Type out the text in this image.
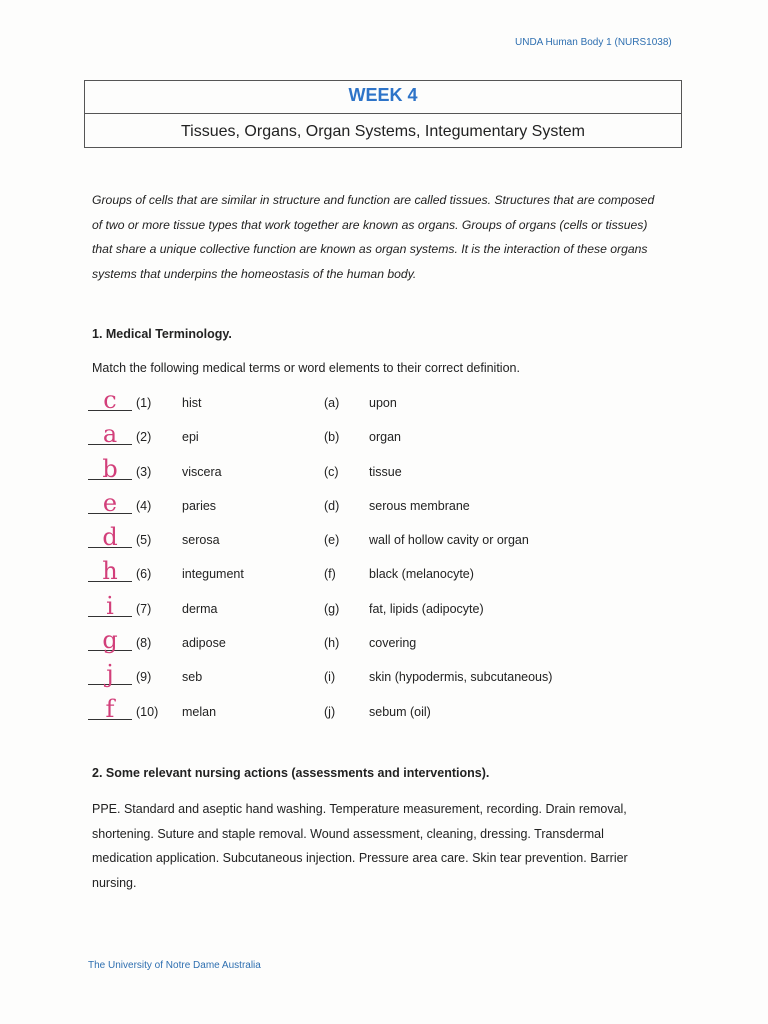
UNDA Human Body 1 (NURS1038)
WEEK 4
Tissues, Organs, Organ Systems, Integumentary System
Groups of cells that are similar in structure and function are called tissues. Structures that are composed of two or more tissue types that work together are known as organs. Groups of organs (cells or tissues) that share a unique collective function are known as organ systems. It is the interaction of these organs systems that underpins the homeostasis of the human body.
1. Medical Terminology.
Match the following medical terms or word elements to their correct definition.
c	(1) hist	(a) upon
a	(2) epi	(b) organ
b	(3) viscera	(c) tissue
e	(4) paries	(d) serous membrane
d	(5) serosa	(e) wall of hollow cavity or organ
h	(6) integument	(f)	black (melanocyte)
i	(7) derma	(g) fat, lipids (adipocyte)
g	(8) adipose	(h) covering
j	(9) seb	(i)	skin (hypodermis, subcutaneous)
f	(10) melan	(j)	sebum (oil)
2. Some relevant nursing actions (assessments and interventions).
PPE. Standard and aseptic hand washing. Temperature measurement, recording. Drain removal, shortening. Suture and staple removal. Wound assessment, cleaning, dressing. Transdermal medication application. Subcutaneous injection. Pressure area care. Skin tear prevention. Barrier nursing.
The University of Notre Dame Australia
